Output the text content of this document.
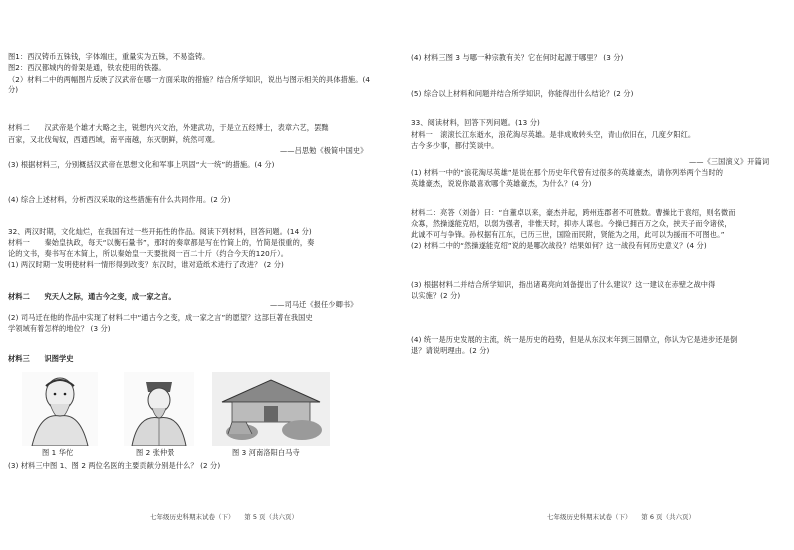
图1：西汉铸币五铢钱，字体端庄，重量实为五铢，不易盗铸。
图2：西汉都城内的骨架是通，铁农使用的铁器。
（2）材料二中的两幅图片反映了汉武帝在哪一方面采取的措施？结合所学知识，说出与图示相关的具体措施。(4 分)
材料二　　汉武帝是个雄才大略之主，锐想内兴文治，外建武功，于是立五经博士，表章六艺，罢黜
百家，又北伐匈奴，西通西域，南平南越，东灭朝鲜，统然可观。
——吕思勉《极简中国史》
(3) 根据材料三，分别概括汉武帝在思想文化和军事上巩固“大一统”的措施。(4 分)
(4) 综合上述材料，分析西汉采取的这些措施有什么共同作用。(2 分)
32、两汉时期，文化灿烂，在我国有过一些开拓性的作品。阅读下列材料，回答问题。(14 分)
材料一　　秦始皇执政，每天“以衡石量书”，那时的奏章都是写在竹简上的，竹简是很重的，奏
论的文书，奏书写在木简上，所以秦始皇一天要批阅一百二十斤（约合今天的120斤）。
(1) 两汉时期一发明使材料一情形得到改变？东汉时，谁对造纸术进行了改进？ (2 分)
材料二　　究天人之际，通古今之变，成一家之言。
——司马迁《报任少卿书》
(2) 司马迁在他的作品中实现了材料二中“通古今之变，成一家之言”的愿望？这部巨著在我国史
学领域有着怎样的地位？ (3 分)
材料三　　识图学史
图 1 华佗	图 2 张仲景	图 3 河南洛阳白马寺
(3) 材料三中图 1、图 2 两位名医的主要贡献分别是什么？ (2 分)
七年级历史科期末试卷（下）　　第 5 页（共六页）
(4) 材料三图 3 与哪一种宗教有关？它在何时起源于哪里？ (3 分)
(5) 综合以上材料和问题并结合所学知识，你能得出什么结论？(2 分)
33、阅读材料，回答下列问题。(13 分)
材料一　滚滚长江东逝水，浪花淘尽英雄。是非成败转头空，青山依旧在，几度夕阳红。
古今多少事，都付笑谈中。
——《三国演义》开篇词
(1) 材料一中的“浪花淘尽英雄”是说在那个历史年代曾有过很多的英雄豪杰，请你列举两个当时的
英雄豪杰，说说你最喜欢哪个英雄豪杰，为什么？(4 分)
材料二：亮答（刘备）曰：“自董卓以来，豪杰并起，跨州连郡者不可胜数。曹操比于袁绍，则名微而
众寡，然操遂能克绍，以弱为强者，非惟天时，抑亦人谋也。今操已拥百万之众，挟天子而令诸侯，
此诚不可与争锋。孙权据有江东，已历三世，国险而民附，贤能为之用，此可以为援而不可图也。”
(2) 材料二中的“然操遂能克绍”说的是哪次战役？结果如何？这一战役有何历史意义？(4 分)
(3) 根据材料二并结合所学知识，指出诸葛亮向刘备提出了什么建议？这一建议在赤壁之战中得
以实施？(2 分)
(4) 统一是历史发展的主流，统一是历史的趋势，但是从东汉末年到三国鼎立，你认为它是进步还是倒
退？请说明理由。(2 分)
七年级历史科期末试卷（下）　　第 6 页（共六页）
